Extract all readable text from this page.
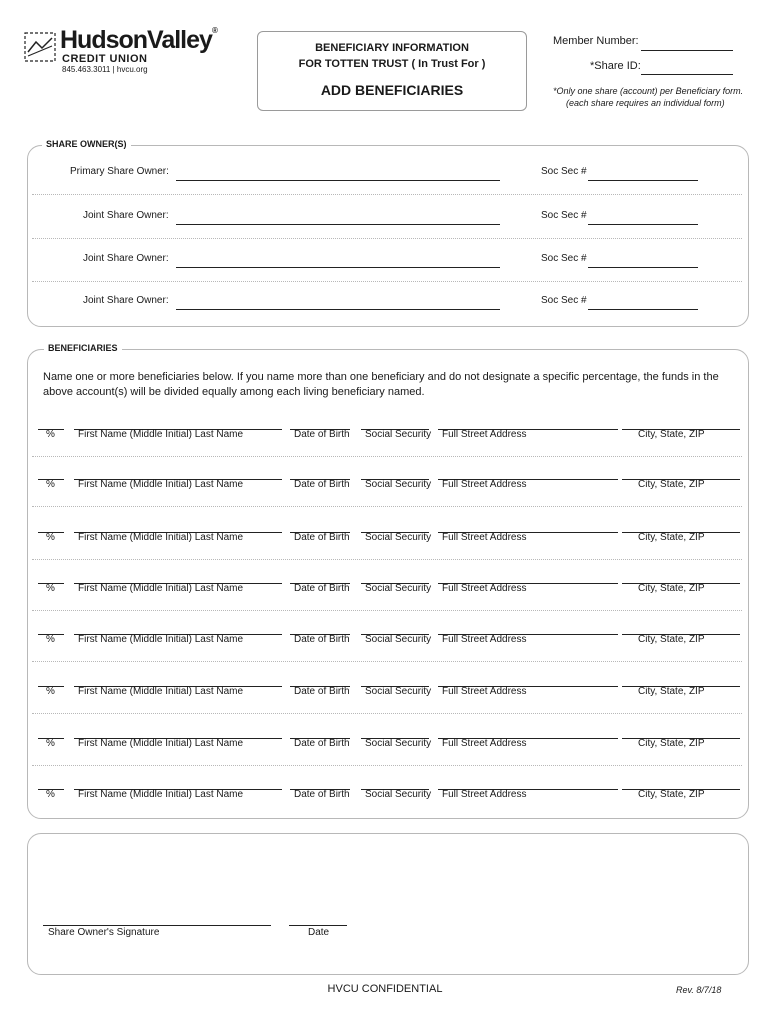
HudsonValley®
CREDIT UNION
845.463.3011 | hvcu.org
BENEFICIARY INFORMATION
FOR TOTTEN TRUST ( In Trust For )
ADD BENEFICIARIES
Member Number:
*Share ID:
*Only one share (account) per Beneficiary form.
(each share requires an individual form)
SHARE OWNER(S)
Primary Share Owner:	Soc Sec #
Joint Share Owner:	Soc Sec #
Joint Share Owner:	Soc Sec #
Joint Share Owner:	Soc Sec #
BENEFICIARIES
Name one or more beneficiaries below. If you name more than one beneficiary and do not designate a specific percentage, the funds in the above account(s) will be divided equally among each living beneficiary named.
% First Name (Middle Initial) Last Name	Date of Birth Social Security Full Street Address	City, State, ZIP
% First Name (Middle Initial) Last Name	Date of Birth Social Security Full Street Address	City, State, ZIP
% First Name (Middle Initial) Last Name	Date of Birth Social Security Full Street Address	City, State, ZIP
% First Name (Middle Initial) Last Name	Date of Birth Social Security Full Street Address	City, State, ZIP
% First Name (Middle Initial) Last Name	Date of Birth Social Security Full Street Address	City, State, ZIP
% First Name (Middle Initial) Last Name	Date of Birth Social Security Full Street Address	City, State, ZIP
% First Name (Middle Initial) Last Name	Date of Birth Social Security Full Street Address	City, State, ZIP
% First Name (Middle Initial) Last Name	Date of Birth Social Security Full Street Address	City, State, ZIP
Share Owner's Signature	Date
HVCU CONFIDENTIAL	Rev. 8/7/18
